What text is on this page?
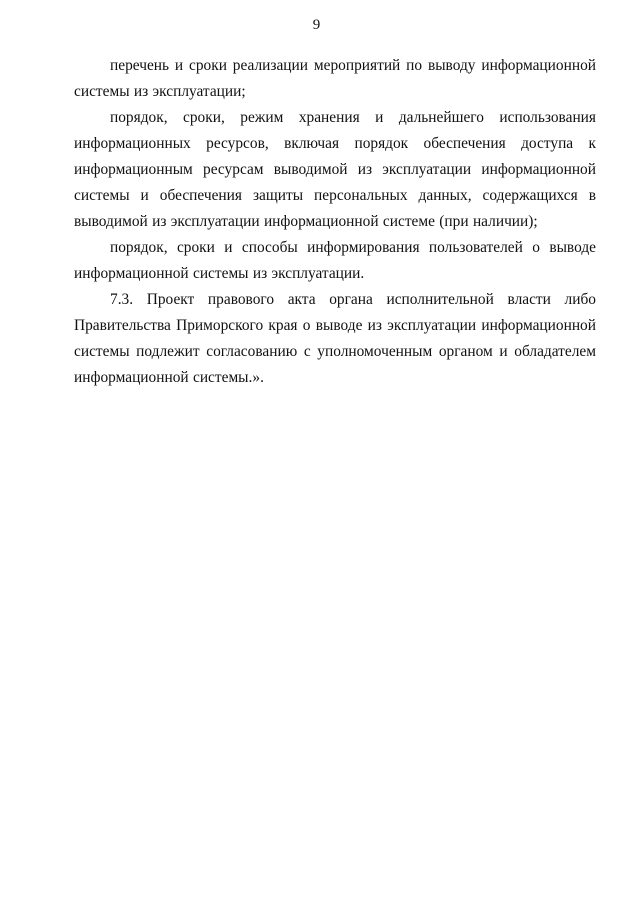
9

перечень и сроки реализации мероприятий по выводу информационной системы из эксплуатации;

порядок, сроки, режим хранения и дальнейшего использования информационных ресурсов, включая порядок обеспечения доступа к информационным ресурсам выводимой из эксплуатации информационной системы и обеспечения защиты персональных данных, содержащихся в выводимой из эксплуатации информационной системе (при наличии);

порядок, сроки и способы информирования пользователей о выводе информационной системы из эксплуатации.

7.3. Проект правового акта органа исполнительной власти либо Правительства Приморского края о выводе из эксплуатации информационной системы подлежит согласованию с уполномоченным органом и обладателем информационной системы.».
